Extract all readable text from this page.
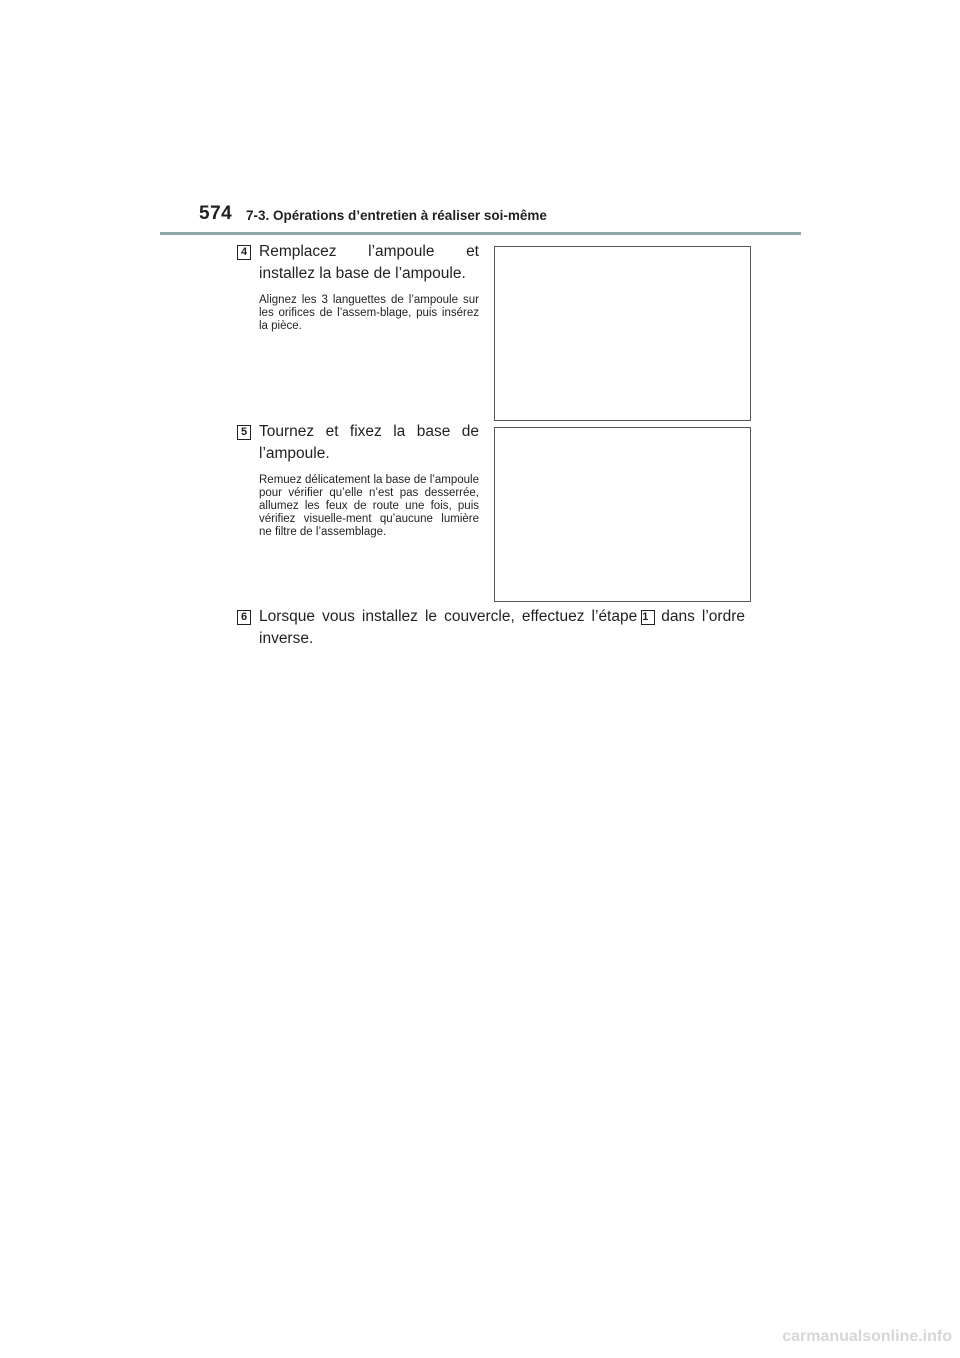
574 7-3. Opérations d’entretien à réaliser soi-même
4 Remplacez l’ampoule et installez la base de l’ampoule.
Alignez les 3 languettes de l’ampoule sur les orifices de l’assem-blage, puis insérez la pièce.
5 Tournez et fixez la base de l’ampoule.
Remuez délicatement la base de l’ampoule pour vérifier qu’elle n’est pas desserrée, allumez les feux de route une fois, puis vérifiez visuelle-ment qu’aucune lumière ne filtre de l’assemblage.
6 Lorsque vous installez le couvercle, effectuez l’étape 1 dans l’ordre inverse.
carmanualsonline.info
